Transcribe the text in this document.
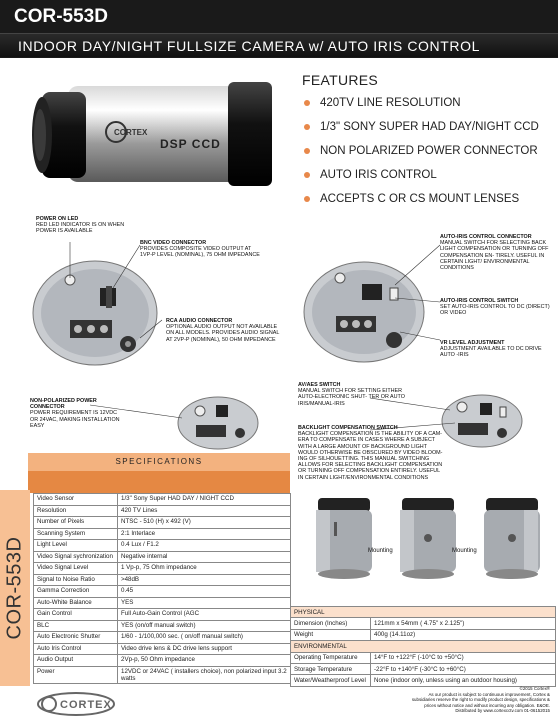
COR-553D
INDOOR DAY/NIGHT FULLSIZE CAMERA w/ AUTO IRIS CONTROL
CORTEX
DSP CCD
FEATURES
420TV LINE RESOLUTION
1/3" SONY SUPER HAD DAY/NIGHT CCD
NON POLARIZED POWER CONNECTOR
AUTO IRIS CONTROL
ACCEPTS C OR CS MOUNT LENSES
POWER ON LED
RED LED INDICATOR IS ON WHEN POWER IS AVAILABLE
BNC VIDEO CONNECTOR
PROVIDES COMPOSITE VIDEO OUTPUT AT 1VP-P LEVEL (NOMINAL), 75 OHM IMPEDANCE
RCA AUDIO CONNECTOR
OPTIONAL AUDIO OUTPUT NOT AVAILABLE ON ALL MODELS. PROVIDES AUDIO SIGNAL AT 2VP-P (NOMINAL), 50 OHM IMPEDANCE
AUTO-IRIS CONTROL CONNECTOR
MANUAL SWITCH FOR SELECTING BACK LIGHT COMPENSATION OR TURNING OFF COMPENSATION EN- TIRELY. USEFUL IN CERTAIN LIGHT/ ENVIRONMENTAL CONDITIONS
AUTO-IRIS CONTROL SWITCH
SET AUTO-IRIS CONTROL TO DC (DIRECT) OR VIDEO
VR LEVEL ADJUSTMENT
ADJUSTMENT AVAILABLE TO DC DRIVE AUTO -IRIS
NON-POLARIZED POWER CONNECTOR
POWER REQUIREMENT IS 12VDC OR 24VAC, MAKING INSTALLATION EASY
AV/AES SWITCH
MANUAL SWITCH FOR SETTING EITHER AUTO-ELECTRONIC SHUT- TER OR AUTO IRIS/MANUAL-IRIS
BACKLIGHT COMPENSATION SWITCH
BACKLIGHT COMPENSATION IS THE ABILITY OF A CAM- ERA TO COMPENSATE IN CASES WHERE A SUBJECT WITH A LARGE AMOUNT OF BACKGROUND LIGHT WOULD OTHERWISE BE OBSCURED BY VIDEO BLOOM- ING OF SILHOUETTING. THIS MANUAL SWITCHING ALLOWS FOR SELECTING BACKLIGHT COMPENSATION OR TURNING OFF COMPENSATION ENTIRELY. USEFUL IN CERTAIN LIGHT/ENVIRONMENTAL CONDITIONS
Mounting	Mounting
SPECIFICATIONS
COR-553D
Video Sensor	1/3" Sony Super HAD DAY / NIGHT CCD
Resolution	420 TV Lines
Number of Pixels	NTSC - 510 (H) x 492 (V)
Scanning System	2:1 Interlace
Light Level	0.4 Lux / F1.2
Video Signal sychronization	Negative internal
Video Signal Level	1 Vp-p, 75 Ohm impedance
Signal to Noise Ratio	>48dB
Gamma Correction	0.45
Auto-White Balance	YES
Gain Control	Full Auto-Gain Control (AGC
BLC	YES (on/off manual switch)
Auto Electronic Shutter	1/60 - 1/100,000 sec. ( on/off manual switch)
Auto Iris Control	Video drive lens & DC drive lens support
Audio Output	2Vp-p, 50 Ohm impedance
Power	12VDC or 24VAC ( installers choice), non polarized input 3.2 watts
PHYSICAL	
Dimension (Inches)	121mm x 54mm ( 4.75" x 2.125")
Weight	400g (14.11oz)
ENVIRONMENTAL	
Operating Temperature	14°F to +122°F (-10°C to +50°C)
Storage Temperature	-22°F to +140°F (-30°C to +60°C)
Water/Weatherproof Level	None (indoor only, unless using an outdoor housing)
CORTEX
©2015 Cortex®
As our product is subject to continuous improvement, Cortex &
subsidiaries reserve the right to modify product design, specifications &
prices without notice and without incurring any obligation. E&OE.
Distributed by www.cortexcctv.com 01-06152015
